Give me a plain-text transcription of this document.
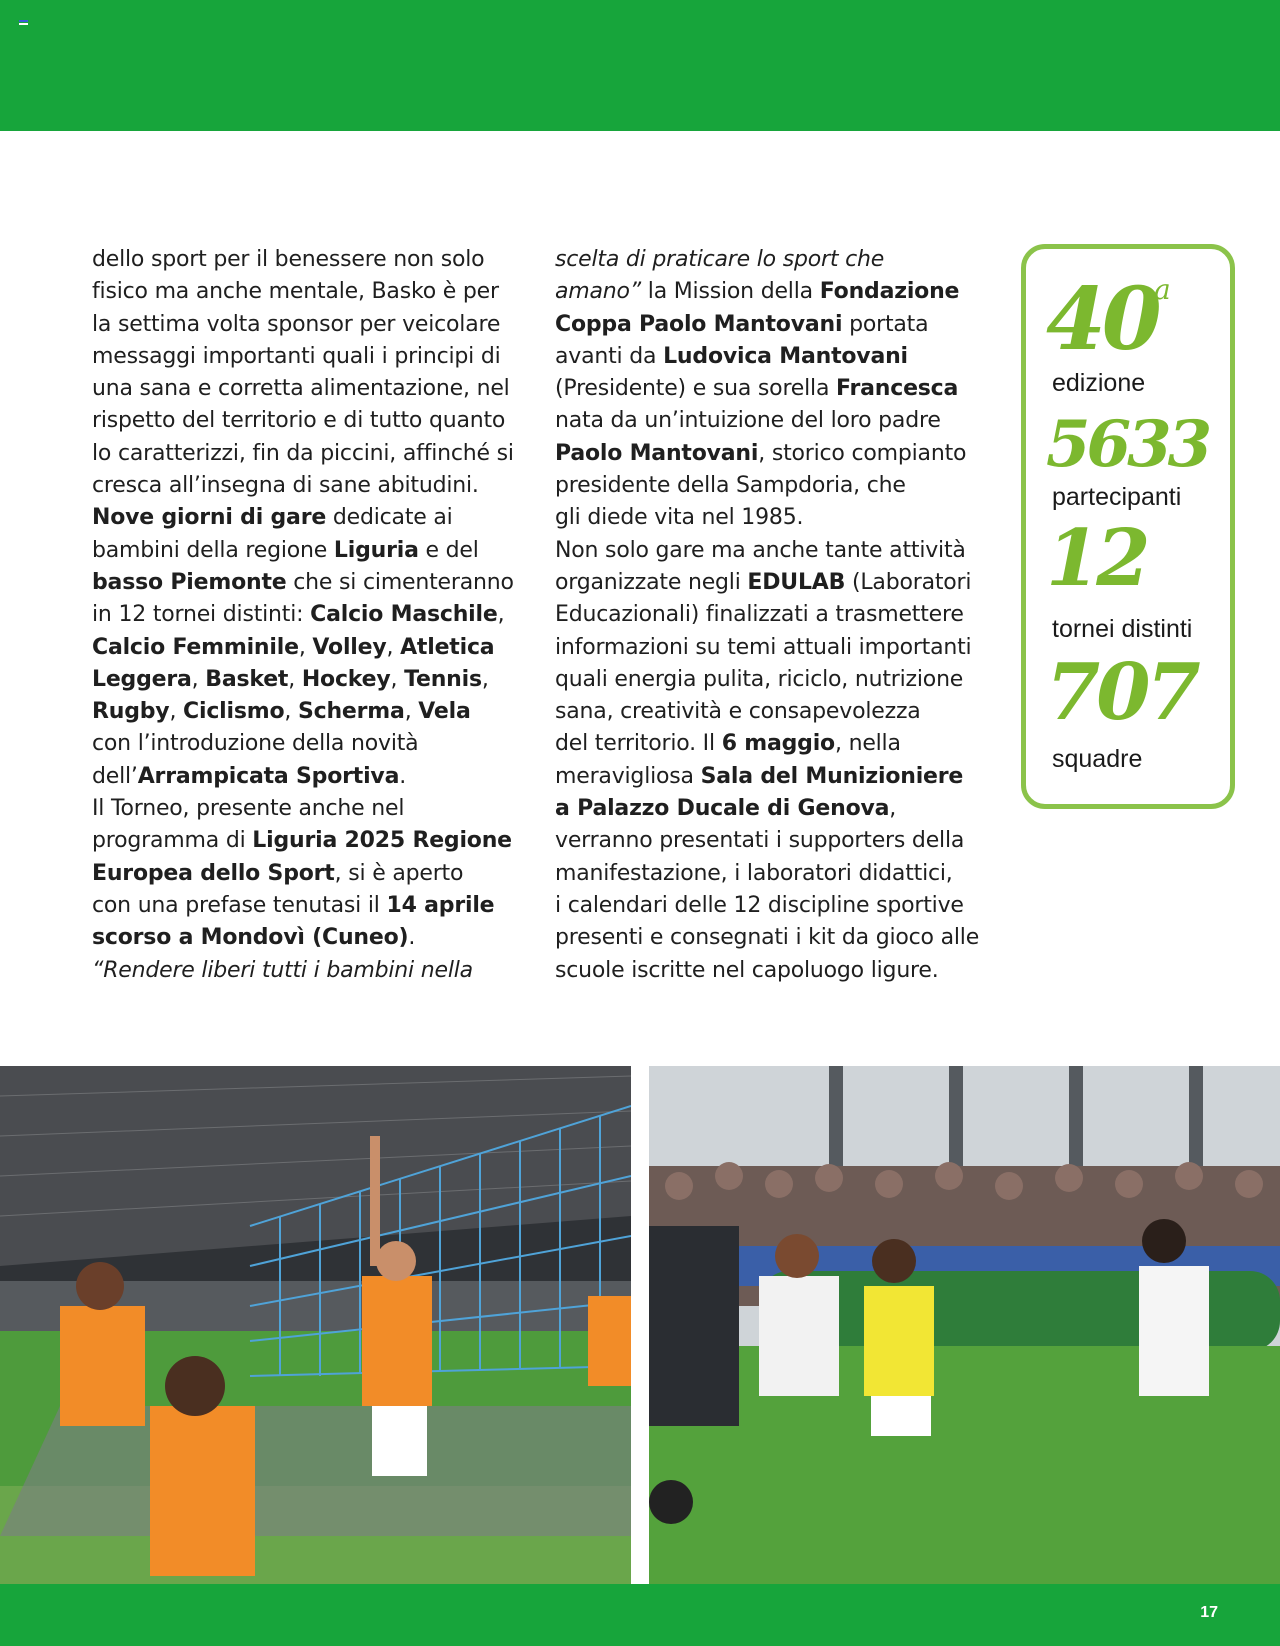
dello sport per il benessere non solo

fisico ma anche mentale, Basko è per

la settima volta sponsor per veicolare

messaggi importanti quali i principi di

una sana e corretta alimentazione, nel

rispetto del territorio e di tutto quanto

lo caratterizzi, fin da piccini, affinché si

cresca all’insegna di sane abitudini.

Nove giorni di gare dedicate ai

bambini della regione Liguria e del

basso Piemonte che si cimenteranno

in 12 tornei distinti: Calcio Maschile,

Calcio Femminile, Volley, Atletica

Leggera, Basket, Hockey, Tennis,

Rugby, Ciclismo, Scherma, Vela

con l’introduzione della novità

dell’Arrampicata Sportiva.

Il Torneo, presente anche nel

programma di Liguria 2025 Regione

Europea dello Sport, si è aperto

con una prefase tenutasi il 14 aprile

scorso a Mondovì (Cuneo).

“Rendere liberi tutti i bambini nella

scelta di praticare lo sport che

amano” la Mission della Fondazione

Coppa Paolo Mantovani portata

avanti da Ludovica Mantovani

(Presidente) e sua sorella Francesca

nata da un’intuizione del loro padre

Paolo Mantovani, storico compianto

presidente della Sampdoria, che

gli diede vita nel 1985.

Non solo gare ma anche tante attività

organizzate negli EDULAB (Laboratori

Educazionali) finalizzati a trasmettere

informazioni su temi attuali importanti

quali energia pulita, riciclo, nutrizione

sana, creatività e consapevolezza

del territorio. Il 6 maggio, nella

meravigliosa Sala del Munizioniere

a Palazzo Ducale di Genova,

verranno presentati i supporters della

manifestazione, i laboratori didattici,

i calendari delle 12 discipline sportive

presenti e consegnati i kit da gioco alle

scuole iscritte nel capoluogo ligure.

40
a
edizione
5633
partecipanti
12
tornei distinti
707
squadre
17
